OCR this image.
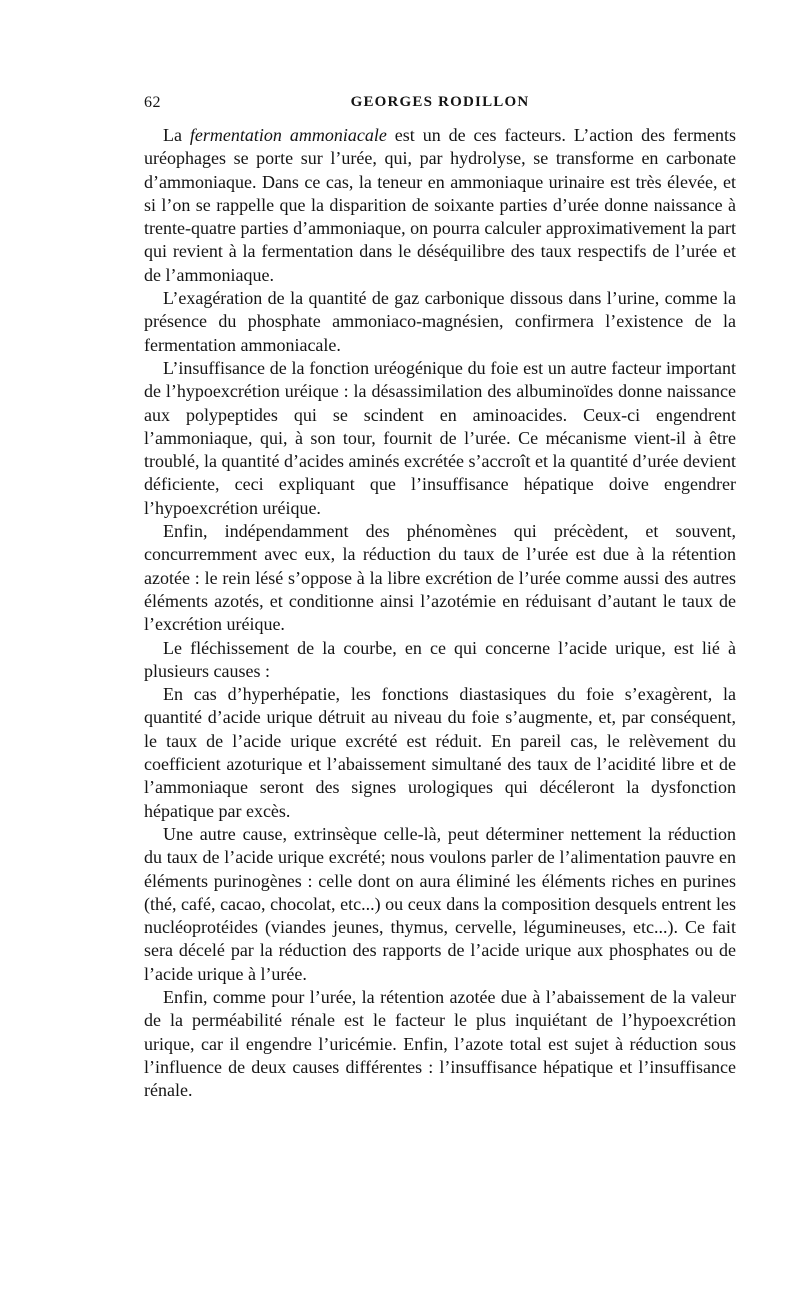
62	GEORGES RODILLON

La fermentation ammoniacale est un de ces facteurs. L’action des ferments uréophages se porte sur l’urée, qui, par hydrolyse, se transforme en carbonate d’ammoniaque. Dans ce cas, la teneur en ammoniaque urinaire est très élevée, et si l’on se rappelle que la disparition de soixante parties d’urée donne naissance à trente-quatre parties d’ammoniaque, on pourra calculer approximativement la part qui revient à la fermentation dans le déséquilibre des taux respectifs de l’urée et de l’ammoniaque.

L’exagération de la quantité de gaz carbonique dissous dans l’urine, comme la présence du phosphate ammoniaco-magnésien, confirmera l’existence de la fermentation ammoniacale.

L’insuffisance de la fonction uréogénique du foie est un autre facteur important de l’hypoexcrétion uréique : la désassimilation des albuminoïdes donne naissance aux polypeptides qui se scindent en aminoacides. Ceux-ci engendrent l’ammoniaque, qui, à son tour, fournit de l’urée. Ce mécanisme vient-il à être troublé, la quantité d’acides aminés excrétée s’accroît et la quantité d’urée devient déficiente, ceci expliquant que l’insuffisance hépatique doive engendrer l’hypoexcrétion uréique.

Enfin, indépendamment des phénomènes qui précèdent, et souvent, concurremment avec eux, la réduction du taux de l’urée est due à la rétention azotée : le rein lésé s’oppose à la libre excrétion de l’urée comme aussi des autres éléments azotés, et conditionne ainsi l’azotémie en réduisant d’autant le taux de l’excrétion uréique.

Le fléchissement de la courbe, en ce qui concerne l’acide urique, est lié à plusieurs causes :

En cas d’hyperhépatie, les fonctions diastasiques du foie s’exagèrent, la quantité d’acide urique détruit au niveau du foie s’augmente, et, par conséquent, le taux de l’acide urique excrété est réduit. En pareil cas, le relèvement du coefficient azoturique et l’abaissement simultané des taux de l’acidité libre et de l’ammoniaque seront des signes urologiques qui décéleront la dysfonction hépatique par excès.

Une autre cause, extrinsèque celle-là, peut déterminer nettement la réduction du taux de l’acide urique excrété; nous voulons parler de l’alimentation pauvre en éléments purinogènes : celle dont on aura éliminé les éléments riches en purines (thé, café, cacao, chocolat, etc...) ou ceux dans la composition desquels entrent les nucléoprotéides (viandes jeunes, thymus, cervelle, légumineuses, etc...). Ce fait sera décelé par la réduction des rapports de l’acide urique aux phosphates ou de l’acide urique à l’urée.

Enfin, comme pour l’urée, la rétention azotée due à l’abaissement de la valeur de la perméabilité rénale est le facteur le plus inquiétant de l’hypoexcrétion urique, car il engendre l’uricémie. Enfin, l’azote total est sujet à réduction sous l’influence de deux causes différentes : l’insuffisance hépatique et l’insuffisance rénale.
